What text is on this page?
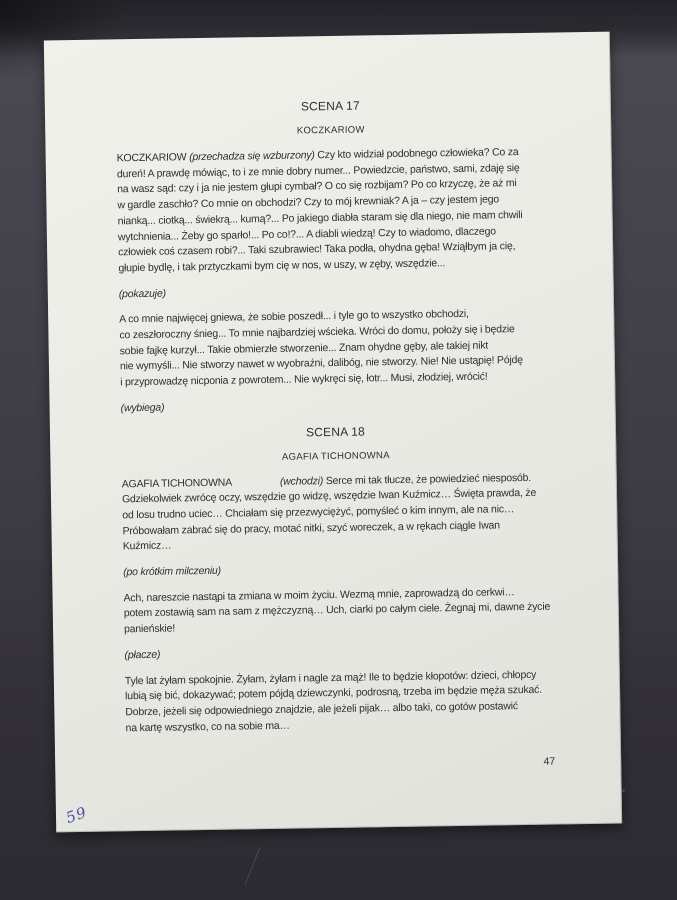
SCENA 17
KOCZKARIOW
KOCZKARIOW (przechadza się wzburzony) Czy kto widział podobnego człowieka? Co za
dureń! A prawdę mówiąc, to i ze mnie dobry numer... Powiedzcie, państwo, sami, zdaję się
na wasz sąd: czy i ja nie jestem głupi cymbał? O co się rozbijam? Po co krzyczę, że aż mi
w gardle zaschło? Co mnie on obchodzi? Czy to mój krewniak? A ja – czy jestem jego
nianką... ciotką... świekrą... kumą?... Po jakiego diabła staram się dla niego, nie mam chwili
wytchnienia... Żeby go sparło!... Po co!?... A diabli wiedzą! Czy to wiadomo, dlaczego
człowiek coś czasem robi?... Taki szubrawiec! Taka podła, ohydna gęba! Wziąłbym ja cię,
głupie bydlę, i tak prztyczkami bym cię w nos, w uszy, w zęby, wszędzie...
(pokazuje)
A co mnie najwięcej gniewa, że sobie poszedł... i tyle go to wszystko obchodzi,
co zeszłoroczny śnieg... To mnie najbardziej wścieka. Wróci do domu, położy się i będzie
sobie fajkę kurzył... Takie obmierzłe stworzenie... Znam ohydne gęby, ale takiej nikt
nie wymyśli... Nie stworzy nawet w wyobraźni, dalibóg, nie stworzy. Nie! Nie ustąpię! Pójdę
i przyprowadzę nicponia z powrotem... Nie wykręci się, łotr... Musi, złodziej, wrócić!
(wybiega)
SCENA 18
AGAFIA TICHONOWNA
AGAFIA TICHONOWNA	(wchodzi) Serce mi tak tłucze, że powiedzieć niesposób.
Gdziekolwiek zwrócę oczy, wszędzie go widzę, wszędzie Iwan Kuźmicz… Święta prawda, że
od losu trudno uciec… Chciałam się przezwyciężyć, pomyśleć o kim innym, ale na nic…
Próbowałam zabrać się do pracy, motać nitki, szyć woreczek, a w rękach ciągle Iwan
Kuźmicz…
(po krótkim milczeniu)
Ach, nareszcie nastąpi ta zmiana w moim życiu. Wezmą mnie, zaprowadzą do cerkwi…
potem zostawią sam na sam z mężczyzną… Uch, ciarki po całym ciele. Żegnaj mi, dawne życie
panieńskie!
(płacze)
Tyle lat żyłam spokojnie. Żyłam, żyłam i nagle za mąż! Ile to będzie kłopotów: dzieci, chłopcy
lubią się bić, dokazywać; potem pójdą dziewczynki, podrosną, trzeba im będzie męża szukać.
Dobrze, jeżeli się odpowiedniego znajdzie, ale jeżeli pijak… albo taki, co gotów postawić
na kartę wszystko, co na sobie ma…
47
59
